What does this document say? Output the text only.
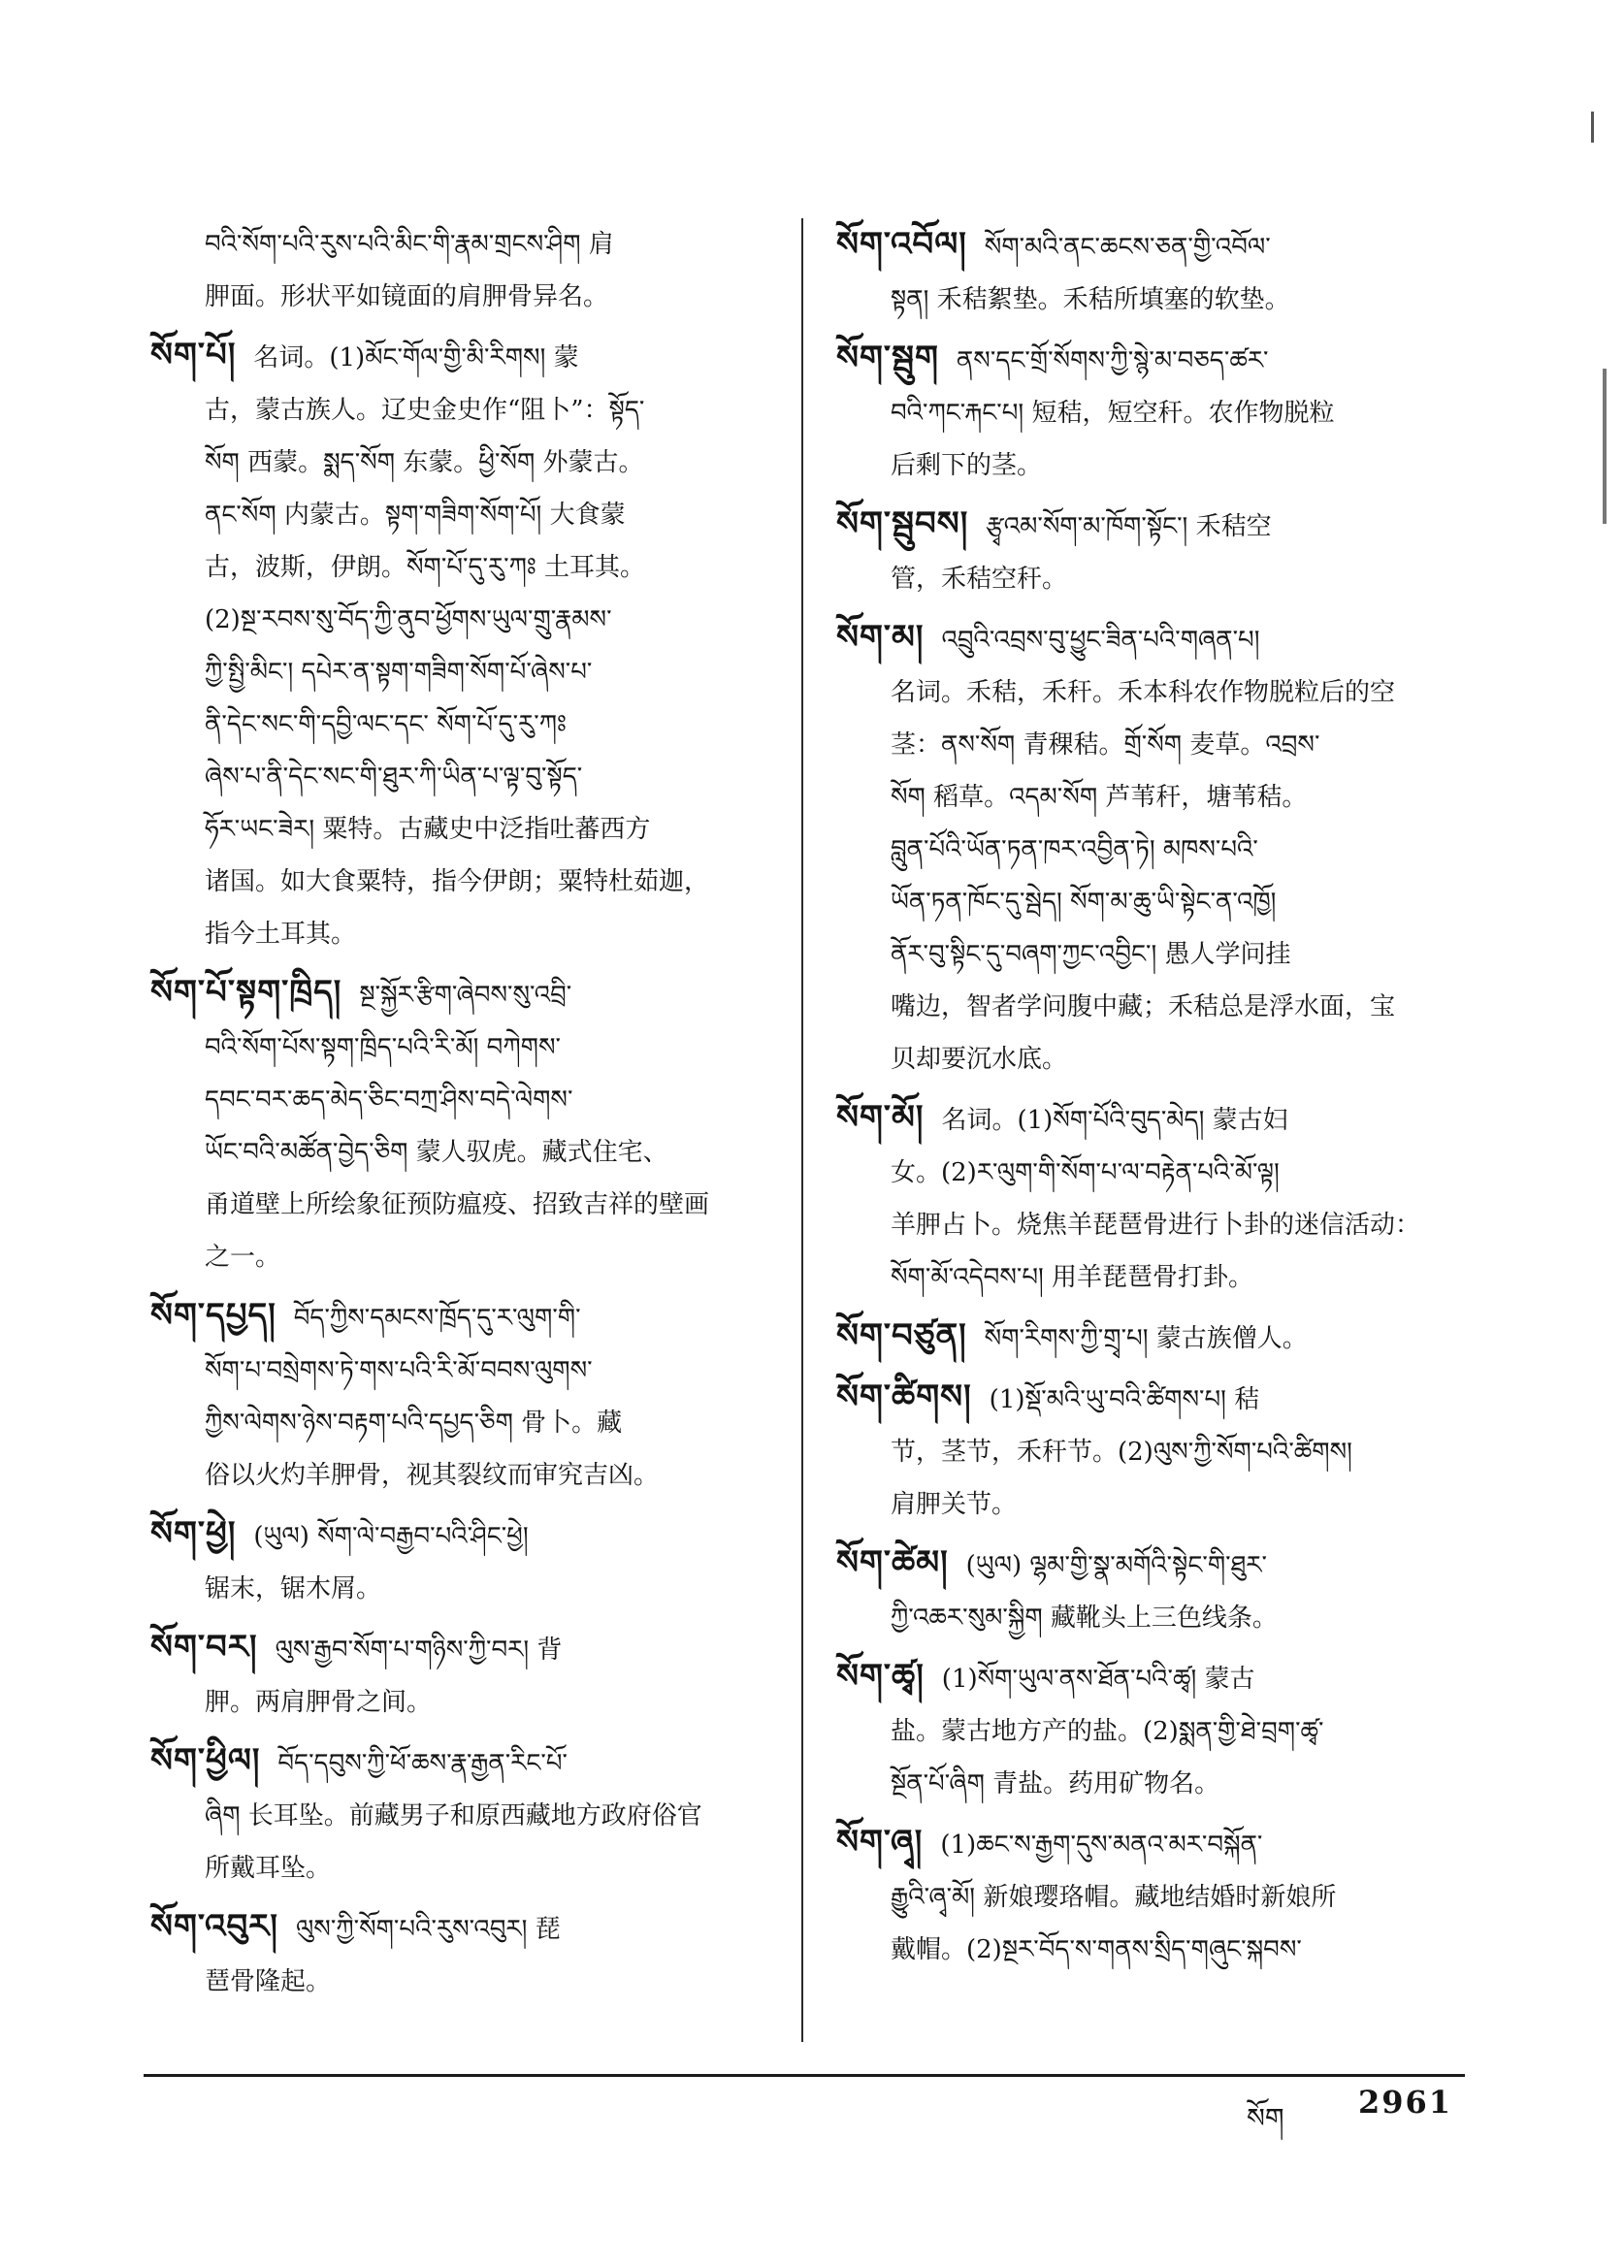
བའི་སོག་པའི་རུས་པའི་མིང་གི་རྣམ་གྲངས་ཤིག 肩

胛面。形状平如镜面的肩胛骨异名。

སོག་པོ། 名词。(1)མོང་གོལ་གྱི་མི་རིགས། 蒙

古，蒙古族人。辽史金史作“阻卜”：སྟོད་

སོག 西蒙。སྨད་སོག 东蒙。ཕྱི་སོག 外蒙古。

ནང་སོག 内蒙古。སྟག་གཟིག་སོག་པོ། 大食蒙

古，波斯，伊朗。སོག་པོ་དུ་རུ་ཀཿ 土耳其。

(2)སྔ་རབས་སུ་བོད་ཀྱི་ནུབ་ཕྱོགས་ཡུལ་གྲུ་རྣམས་

ཀྱི་སྤྱི་མིང་། དཔེར་ན་སྟག་གཟིག་སོག་པོ་ཞེས་པ་

ནི་དེང་སང་གི་དབྱི་ལང་དང་ སོག་པོ་དུ་རུ་ཀཿ

ཞེས་པ་ནི་དེང་སང་གི་ཐུར་ཀི་ཡིན་པ་ལྟ་བུ་སྟོད་

ཧོར་ཡང་ཟེར། 粟特。古藏史中泛指吐蕃西方

诸国。如大食粟特，指今伊朗；粟特杜茹迦，

指今土耳其。

སོག་པོ་སྟག་ཁྲིད། སྔ་སྐྱོར་རྩིག་ཞེབས་སུ་འབྲི་

བའི་སོག་པོས་སྟག་ཁྲིད་པའི་རི་མོ། བཀེགས་

དབང་བར་ཆད་མེད་ཅིང་བཀྲ་ཤིས་བདེ་ལེགས་

ཡོང་བའི་མཚོན་བྱེད་ཅིག 蒙人驭虎。藏式住宅、

甬道壁上所绘象征预防瘟疫、招致吉祥的壁画

之一。

སོག་དཔྱད། བོད་ཀྱིས་དམངས་ཁྲོད་དུ་ར་ལུག་གི་

སོག་པ་བསྲེགས་ཏེ་གས་པའི་རི་མོ་བབས་ལུགས་

ཀྱིས་ལེགས་ཉེས་བརྟག་པའི་དཔྱད་ཅིག 骨卜。藏

俗以火灼羊胛骨，视其裂纹而审究吉凶。

སོག་ཕྱེ། (ཡུལ) སོག་ལེ་བརྒྱབ་པའི་ཤིང་ཕྱེ།

锯末，锯木屑。

སོག་བར། ལུས་རྒྱབ་སོག་པ་གཉིས་ཀྱི་བར། 背

胛。两肩胛骨之间。

སོག་ཕྱིལ། བོད་དབུས་ཀྱི་ཕོ་ཆས་རྣ་རྒྱན་རིང་པོ་

ཞིག 长耳坠。前藏男子和原西藏地方政府俗官

所戴耳坠。

སོག་འབུར། ལུས་ཀྱི་སོག་པའི་རུས་འབུར། 琵

琶骨隆起。

སོག་འབོལ། སོག་མའི་ནང་ཆངས་ཅན་གྱི་འབོལ་

སྟན། 禾秸絮垫。禾秸所填塞的软垫。

སོག་སྦུག ནས་དང་གྲོ་སོགས་ཀྱི་སྙེ་མ་བཅད་ཚར་

བའི་ཀང་རྐང་པ། 短秸，短空秆。农作物脱粒

后剩下的茎。

སོག་སྦུབས། རྩྭའམ་སོག་མ་ཁོག་སྟོང་། 禾秸空

管，禾秸空秆。

སོག་མ། འབྲུའི་འབྲས་བུ་ཕྱུང་ཟིན་པའི་གཞན་པ།

名词。禾秸，禾秆。禾本科农作物脱粒后的空

茎：ནས་སོག 青稞秸。གྲོ་སོག 麦草。འབྲས་

སོག 稻草。འདམ་སོག 芦苇秆，塘苇秸。

བླུན་པོའི་ཡོན་ཏན་ཁར་འབྱིན་ཏེ། མཁས་པའི་

ཡོན་ཏན་ཁོང་དུ་སྦེད། སོག་མ་ཆུ་ཡི་སྟེང་ན་འཁྱོ།

ནོར་བུ་སྟིང་དུ་བཞག་ཀྱང་འབྱིང་། 愚人学问挂

嘴边，智者学问腹中藏；禾秸总是浮水面，宝

贝却要沉水底。

སོག་མོ། 名词。(1)སོག་པོའི་བུད་མེད། 蒙古妇

女。(2)ར་ལུག་གི་སོག་པ་ལ་བརྟེན་པའི་མོ་ལྟ།

羊胛占卜。烧焦羊琵琶骨进行卜卦的迷信活动：

སོག་མོ་འདེབས་པ། 用羊琵琶骨打卦。

སོག་བཙུན། སོག་རིགས་ཀྱི་གྲྭ་པ། 蒙古族僧人。

སོག་ཚིགས། (1)སྡོ་མའི་ཡུ་བའི་ཚིགས་པ། 秸

节，茎节，禾秆节。(2)ལུས་ཀྱི་སོག་པའི་ཚིགས།

肩胛关节。

སོག་ཚེམ། (ཡུལ) ལྷམ་གྱི་སྣ་མགོའི་སྟེང་གི་ཐུར་

ཀྱི་འཆར་སུམ་སྐྱིག 藏靴头上三色线条。

སོག་ཚྭ། (1)སོག་ཡུལ་ནས་ཐོན་པའི་ཚྭ། 蒙古

盐。蒙古地方产的盐。(2)སྨན་གྱི་ཐེ་བྲག་ཚྭ་

སྔོན་པོ་ཞིག 青盐。药用矿物名。

སོག་ཞྭ། (1)ཆང་ས་རྒྱག་དུས་མནའ་མར་བསྐོན་

རྒྱུའི་ཞྭ་མོ། 新娘璎珞帽。藏地结婚时新娘所

戴帽。(2)སྔར་བོད་ས་གནས་སྲིད་གཞུང་སྐབས་

སོག 2961
